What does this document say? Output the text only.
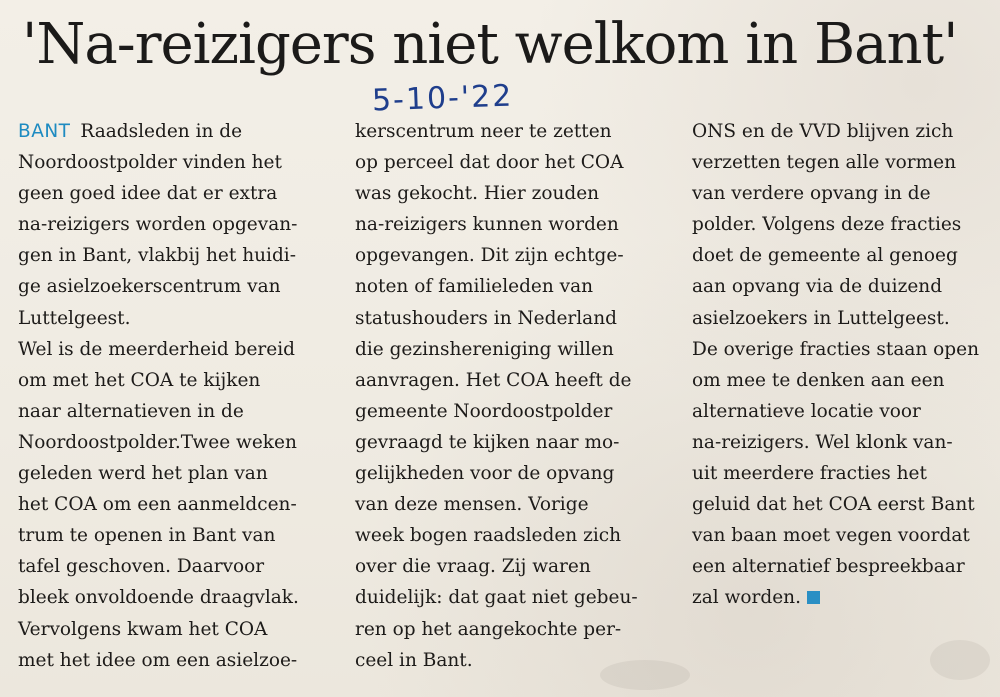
'Na-reizigers niet welkom in Bant'
5-10-'22
BANT Raadsleden in de
Noordoostpolder vinden het
geen goed idee dat er extra
na-reizigers worden opgevan-
gen in Bant, vlakbij het huidi-
ge asielzoekerscentrum van
Luttelgeest.
Wel is de meerderheid bereid
om met het COA te kijken
naar alternatieven in de
Noordoostpolder.Twee weken
geleden werd het plan van
het COA om een aanmeldcen-
trum te openen in Bant van
tafel geschoven. Daarvoor
bleek onvoldoende draagvlak.
Vervolgens kwam het COA
met het idee om een asielzoe-
kerscentrum neer te zetten
op perceel dat door het COA
was gekocht. Hier zouden
na-reizigers kunnen worden
opgevangen. Dit zijn echtge-
noten of familieleden van
statushouders in Nederland
die gezinshereniging willen
aanvragen. Het COA heeft de
gemeente Noordoostpolder
gevraagd te kijken naar mo-
gelijkheden voor de opvang
van deze mensen. Vorige
week bogen raadsleden zich
over die vraag. Zij waren
duidelijk: dat gaat niet gebeu-
ren op het aangekochte per-
ceel in Bant.
ONS en de VVD blijven zich
verzetten tegen alle vormen
van verdere opvang in de
polder. Volgens deze fracties
doet de gemeente al genoeg
aan opvang via de duizend
asielzoekers in Luttelgeest.
De overige fracties staan open
om mee te denken aan een
alternatieve locatie voor
na-reizigers. Wel klonk van-
uit meerdere fracties het
geluid dat het COA eerst Bant
van baan moet vegen voordat
een alternatief bespreekbaar
zal worden.
